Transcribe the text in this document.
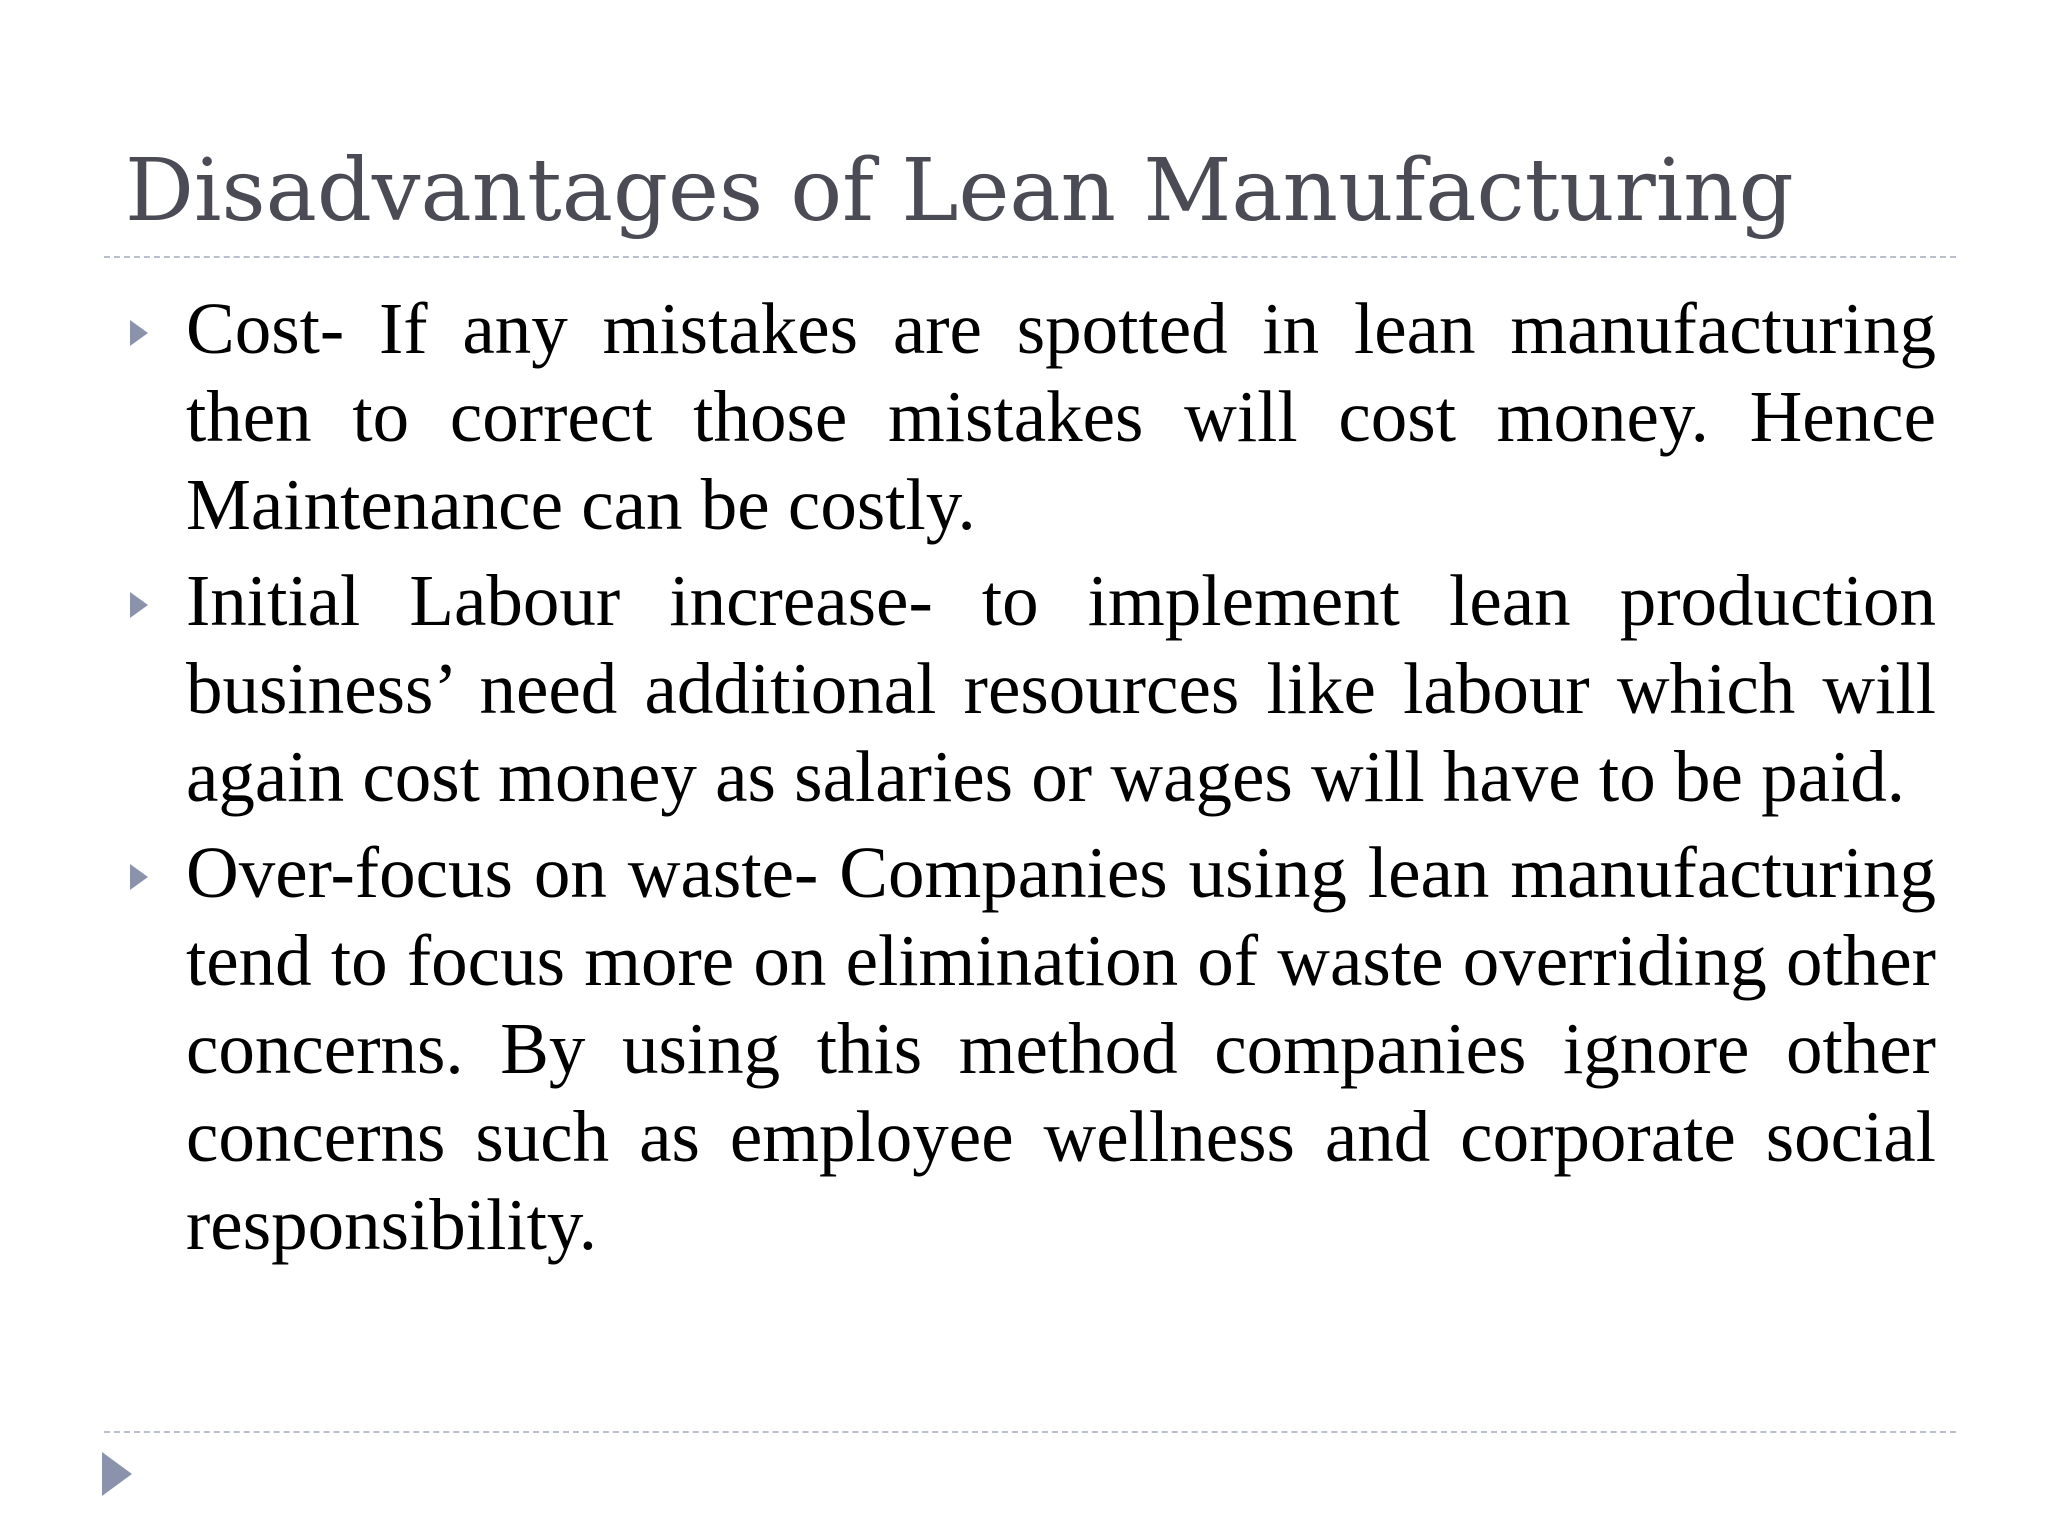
Disadvantages of Lean Manufacturing
Cost- If any mistakes are spotted in lean manufacturing then to correct those mistakes will cost money. Hence Maintenance can be costly.
Initial Labour increase- to implement lean production business’ need additional resources like labour which will again cost money as salaries or wages will have to be paid.
Over-focus on waste- Companies using lean manufacturing tend to focus more on elimination of waste overriding other concerns. By using this method companies ignore other concerns such as employee wellness and corporate social responsibility.
